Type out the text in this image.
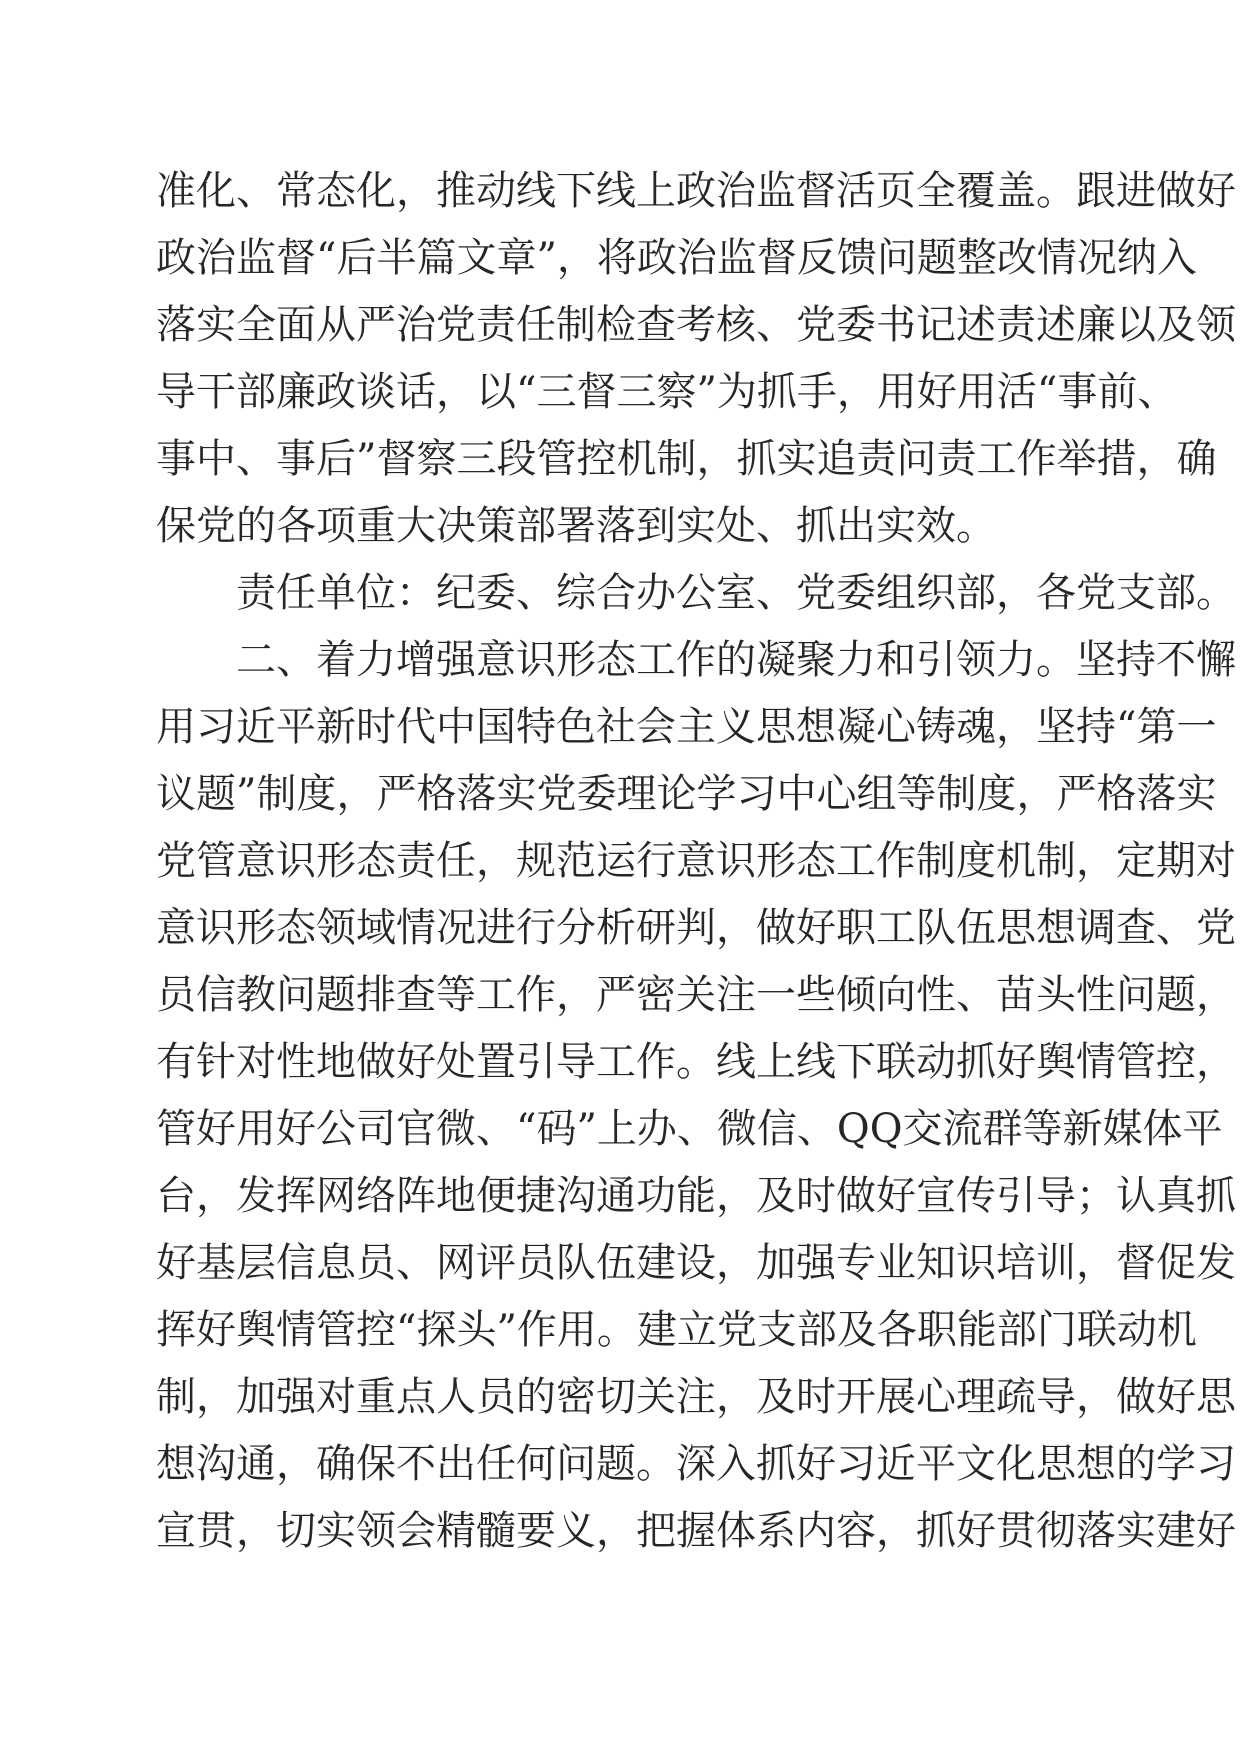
准化、常态化，推动线下线上政治监督活页全覆盖。跟进做好
政治监督“后半篇文章”，将政治监督反馈问题整改情况纳入
落实全面从严治党责任制检查考核、党委书记述责述廉以及领
导干部廉政谈话，以“三督三察”为抓手，用好用活“事前、
事中、事后”督察三段管控机制，抓实追责问责工作举措，确
保党的各项重大决策部署落到实处、抓出实效。
责任单位：纪委、综合办公室、党委组织部，各党支部。
二、着力增强意识形态工作的凝聚力和引领力。坚持不懈
用习近平新时代中国特色社会主义思想凝心铸魂，坚持“第一
议题”制度，严格落实党委理论学习中心组等制度，严格落实
党管意识形态责任，规范运行意识形态工作制度机制，定期对
意识形态领域情况进行分析研判，做好职工队伍思想调查、党
员信教问题排查等工作，严密关注一些倾向性、苗头性问题，
有针对性地做好处置引导工作。线上线下联动抓好舆情管控，
管好用好公司官微、“码”上办、微信、QQ交流群等新媒体平
台，发挥网络阵地便捷沟通功能，及时做好宣传引导；认真抓
好基层信息员、网评员队伍建设，加强专业知识培训，督促发
挥好舆情管控“探头”作用。建立党支部及各职能部门联动机
制，加强对重点人员的密切关注，及时开展心理疏导，做好思
想沟通，确保不出任何问题。深入抓好习近平文化思想的学习
宣贯，切实领会精髓要义，把握体系内容，抓好贯彻落实建好
